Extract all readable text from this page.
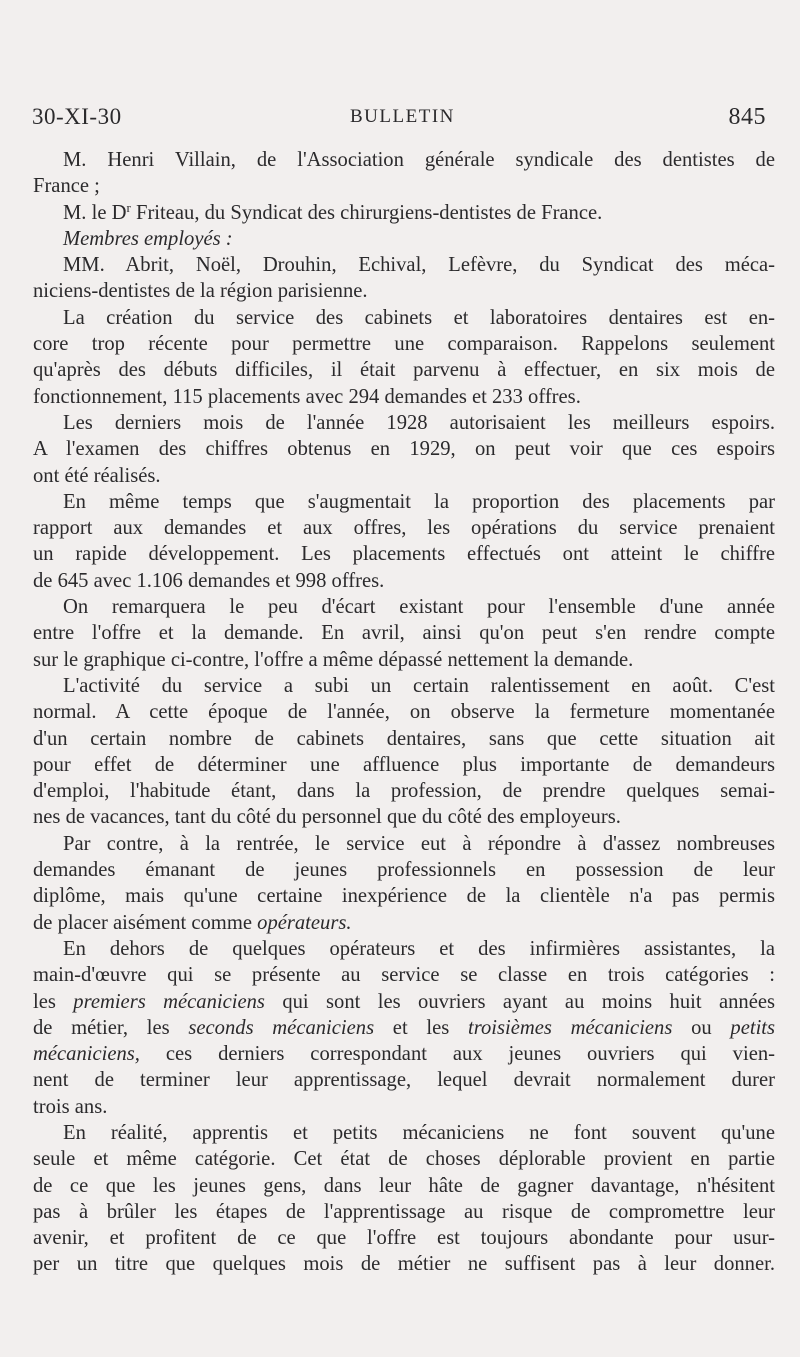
30-XI-30	BULLETIN	845
M. Henri Villain, de l'Association générale syndicale des dentistes de
France ;
M. le $D^r$ Friteau, du Syndicat des chirurgiens-dentistes de France.
Membres employés :
MM. Abrit, Noël, Drouhin, Echival, Lefèvre, du Syndicat des méca-
niciens-dentistes de la région parisienne.
La création du service des cabinets et laboratoires dentaires est en-
core trop récente pour permettre une comparaison. Rappelons seulement
qu'après des débuts difficiles, il était parvenu à effectuer, en six mois de
fonctionnement, 115 placements avec 294 demandes et 233 offres.
Les derniers mois de l'année 1928 autorisaient les meilleurs espoirs.
A l'examen des chiffres obtenus en 1929, on peut voir que ces espoirs
ont été réalisés.
En même temps que s'augmentait la proportion des placements par
rapport aux demandes et aux offres, les opérations du service prenaient
un rapide développement. Les placements effectués ont atteint le chiffre
de 645 avec 1.106 demandes et 998 offres.
On remarquera le peu d'écart existant pour l'ensemble d'une année
entre l'offre et la demande. En avril, ainsi qu'on peut s'en rendre compte
sur le graphique ci-contre, l'offre a même dépassé nettement la demande.
L'activité du service a subi un certain ralentissement en août. C'est
normal. A cette époque de l'année, on observe la fermeture momentanée
d'un certain nombre de cabinets dentaires, sans que cette situation ait
pour effet de déterminer une affluence plus importante de demandeurs
d'emploi, l'habitude étant, dans la profession, de prendre quelques semai-
nes de vacances, tant du côté du personnel que du côté des employeurs.
Par contre, à la rentrée, le service eut à répondre à d'assez nombreuses
demandes émanant de jeunes professionnels en possession de leur
diplôme, mais qu'une certaine inexpérience de la clientèle n'a pas permis
de placer aisément comme opérateurs.
En dehors de quelques opérateurs et des infirmières assistantes, la
main-d'œuvre qui se présente au service se classe en trois catégories :
les premiers mécaniciens qui sont les ouvriers ayant au moins huit années
de métier, les seconds mécaniciens et les troisièmes mécaniciens ou petits
mécaniciens, ces derniers correspondant aux jeunes ouvriers qui vien-
nent de terminer leur apprentissage, lequel devrait normalement durer
trois ans.
En réalité, apprentis et petits mécaniciens ne font souvent qu'une
seule et même catégorie. Cet état de choses déplorable provient en partie
de ce que les jeunes gens, dans leur hâte de gagner davantage, n'hésitent
pas à brûler les étapes de l'apprentissage au risque de compromettre leur
avenir, et profitent de ce que l'offre est toujours abondante pour usur-
per un titre que quelques mois de métier ne suffisent pas à leur donner.
